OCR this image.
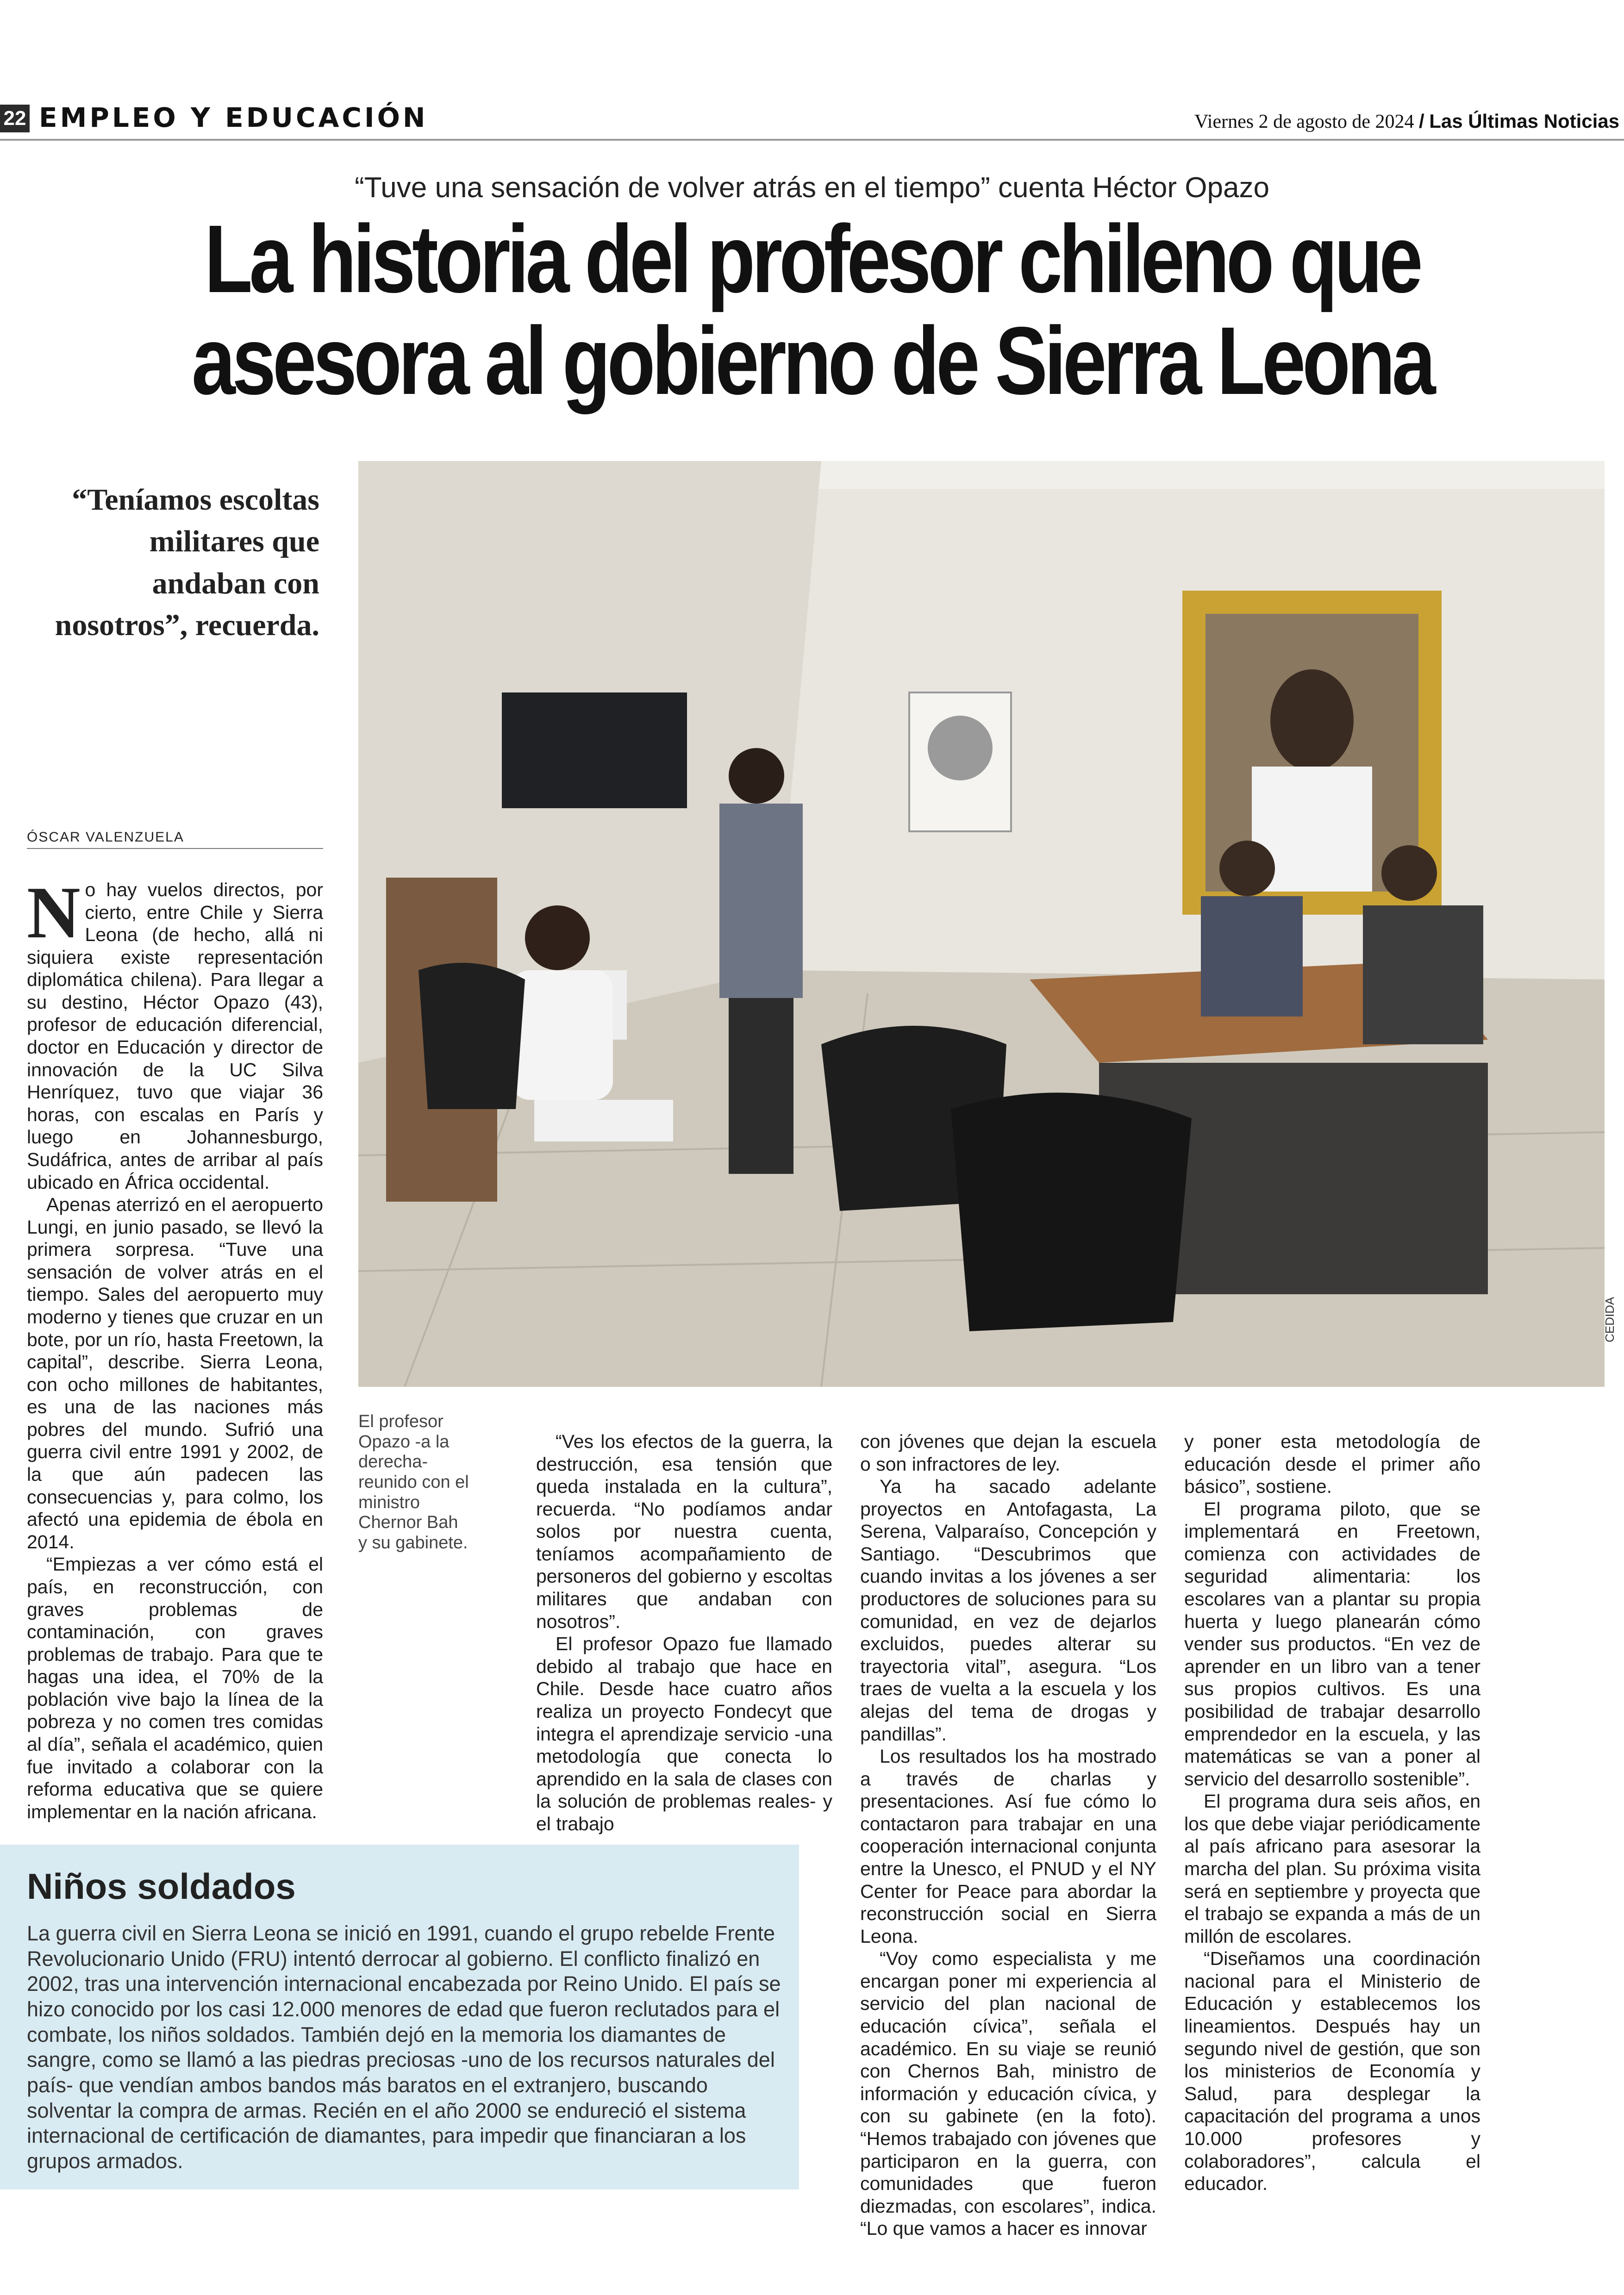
22 EMPLEO Y EDUCACIÓN	Viernes 2 de agosto de 2024 / Las Últimas Noticias
“Tuve una sensación de volver atrás en el tiempo” cuenta Héctor Opazo
La historia del profesor chileno que
asesora al gobierno de Sierra Leona
“Teníamos escoltas militares que andaban con nosotros”, recuerda.
ÓSCAR VALENZUELA
CEDIDA
El profesor Opazo -a la derecha- reunido con el ministro Chernor Bah y su gabinete.

No hay vuelos directos, por cierto, entre Chile y Sierra Leona (de hecho, allá ni siquiera existe representación diplomática chilena). Para llegar a su destino, Héctor Opazo (43), profesor de educación diferencial, doctor en Educación y director de innovación de la UC Silva Henríquez, tuvo que viajar 36 horas, con escalas en París y luego en Johannesburgo, Sudáfrica, antes de arribar al país ubicado en África occidental.

Apenas aterrizó en el aeropuerto Lungi, en junio pasado, se llevó la primera sorpresa. “Tuve una sensación de volver atrás en el tiempo. Sales del aeropuerto muy moderno y tienes que cruzar en un bote, por un río, hasta Freetown, la capital”, describe. Sierra Leona, con ocho millones de habitantes, es una de las naciones más pobres del mundo. Sufrió una guerra civil entre 1991 y 2002, de la que aún padecen las consecuencias y, para colmo, los afectó una epidemia de ébola en 2014.

“Empiezas a ver cómo está el país, en reconstrucción, con graves problemas de contaminación, con graves problemas de trabajo. Para que te hagas una idea, el 70% de la población vive bajo la línea de la pobreza y no comen tres comidas al día”, señala el académico, quien fue invitado a colaborar con la reforma educativa que se quiere implementar en la nación africana.

“Ves los efectos de la guerra, la destrucción, esa tensión que queda instalada en la cultura”, recuerda. “No podíamos andar solos por nuestra cuenta, teníamos acompañamiento de personeros del gobierno y escoltas militares que andaban con nosotros”.

El profesor Opazo fue llamado debido al trabajo que hace en Chile. Desde hace cuatro años realiza un proyecto Fondecyt que integra el aprendizaje servicio -una metodología que conecta lo aprendido en la sala de clases con la solución de problemas reales- y el trabajo

con jóvenes que dejan la escuela o son infractores de ley.

Ya ha sacado adelante proyectos en Antofagasta, La Serena, Valparaíso, Concepción y Santiago. “Descubrimos que cuando invitas a los jóvenes a ser productores de soluciones para su comunidad, en vez de dejarlos excluidos, puedes alterar su trayectoria vital”, asegura. “Los traes de vuelta a la escuela y los alejas del tema de drogas y pandillas”.

Los resultados los ha mostrado a través de charlas y presentaciones. Así fue cómo lo contactaron para trabajar en una cooperación internacional conjunta entre la Unesco, el PNUD y el NY Center for Peace para abordar la reconstrucción social en Sierra Leona.

“Voy como especialista y me encargan poner mi experiencia al servicio del plan nacional de educación cívica”, señala el académico. En su viaje se reunió con Chernos Bah, ministro de información y educación cívica, y con su gabinete (en la foto). “Hemos trabajado con jóvenes que participaron en la guerra, con comunidades que fueron diezmadas, con escolares”, indica. “Lo que vamos a hacer es innovar

y poner esta metodología de educación desde el primer año básico”, sostiene.

El programa piloto, que se implementará en Freetown, comienza con actividades de seguridad alimentaria: los escolares van a plantar su propia huerta y luego planearán cómo vender sus productos. “En vez de aprender en un libro van a tener sus propios cultivos. Es una posibilidad de trabajar desarrollo emprendedor en la escuela, y las matemáticas se van a poner al servicio del desarrollo sostenible”.

El programa dura seis años, en los que debe viajar periódicamente al país africano para asesorar la marcha del plan. Su próxima visita será en septiembre y proyecta que el trabajo se expanda a más de un millón de escolares.

“Diseñamos una coordinación nacional para el Ministerio de Educación y establecemos los lineamientos. Después hay un segundo nivel de gestión, que son los ministerios de Economía y Salud, para desplegar la capacitación del programa a unos 10.000 profesores y colaboradores”, calcula el educador.

Niños soldados
La guerra civil en Sierra Leona se inició en 1991, cuando el grupo rebelde Frente Revolucionario Unido (FRU) intentó derrocar al gobierno. El conflicto finalizó en 2002, tras una intervención internacional encabezada por Reino Unido. El país se hizo conocido por los casi 12.000 menores de edad que fueron reclutados para el combate, los niños soldados. También dejó en la memoria los diamantes de sangre, como se llamó a las piedras preciosas -uno de los recursos naturales del país- que vendían ambos bandos más baratos en el extranjero, buscando solventar la compra de armas. Recién en el año 2000 se endureció el sistema internacional de certificación de diamantes, para impedir que financiaran a los grupos armados.
